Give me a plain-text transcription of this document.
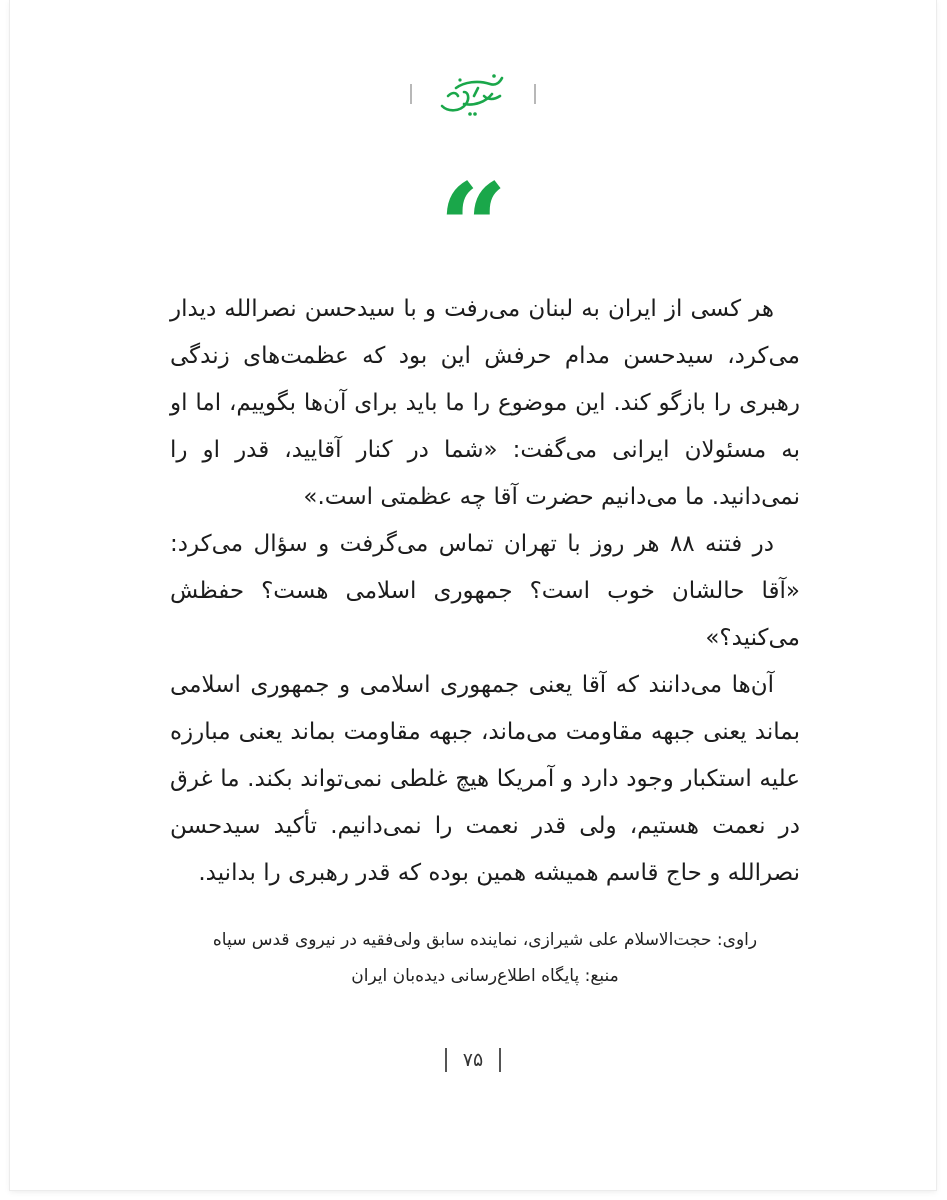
“

هر کسی از ایران به لبنان می‌رفت و با سیدحسن نصرالله دیدار می‌کرد، سیدحسن مدام حرفش این بود که عظمت‌های زندگی رهبری را بازگو کند. این موضوع را ما باید برای آن‌ها بگوییم، اما او به مسئولان ایرانی می‌گفت: «شما در کنار آقایید، قدر او را نمی‌دانید. ما می‌دانیم حضرت آقا چه عظمتی است.»

در فتنه ۸۸ هر روز با تهران تماس می‌گرفت و سؤال می‌کرد: «آقا حالشان خوب است؟ جمهوری اسلامی هست؟ حفظش می‌کنید؟»

آن‌ها می‌دانند که آقا یعنی جمهوری اسلامی و جمهوری اسلامی بماند یعنی جبهه مقاومت می‌ماند، جبهه مقاومت بماند یعنی مبارزه علیه استکبار وجود دارد و آمریکا هیچ غلطی نمی‌تواند بکند. ما غرق در نعمت هستیم، ولی قدر نعمت را نمی‌دانیم. تأکید سیدحسن نصرالله و حاج قاسم همیشه همین بوده که قدر رهبری را بدانید.

راوی: حجت‌الاسلام علی شیرازی، نماینده سابق ولی‌فقیه در نیروی قدس سپاه
منبع: پایگاه اطلاع‌رسانی دیده‌بان ایران
۷۵
